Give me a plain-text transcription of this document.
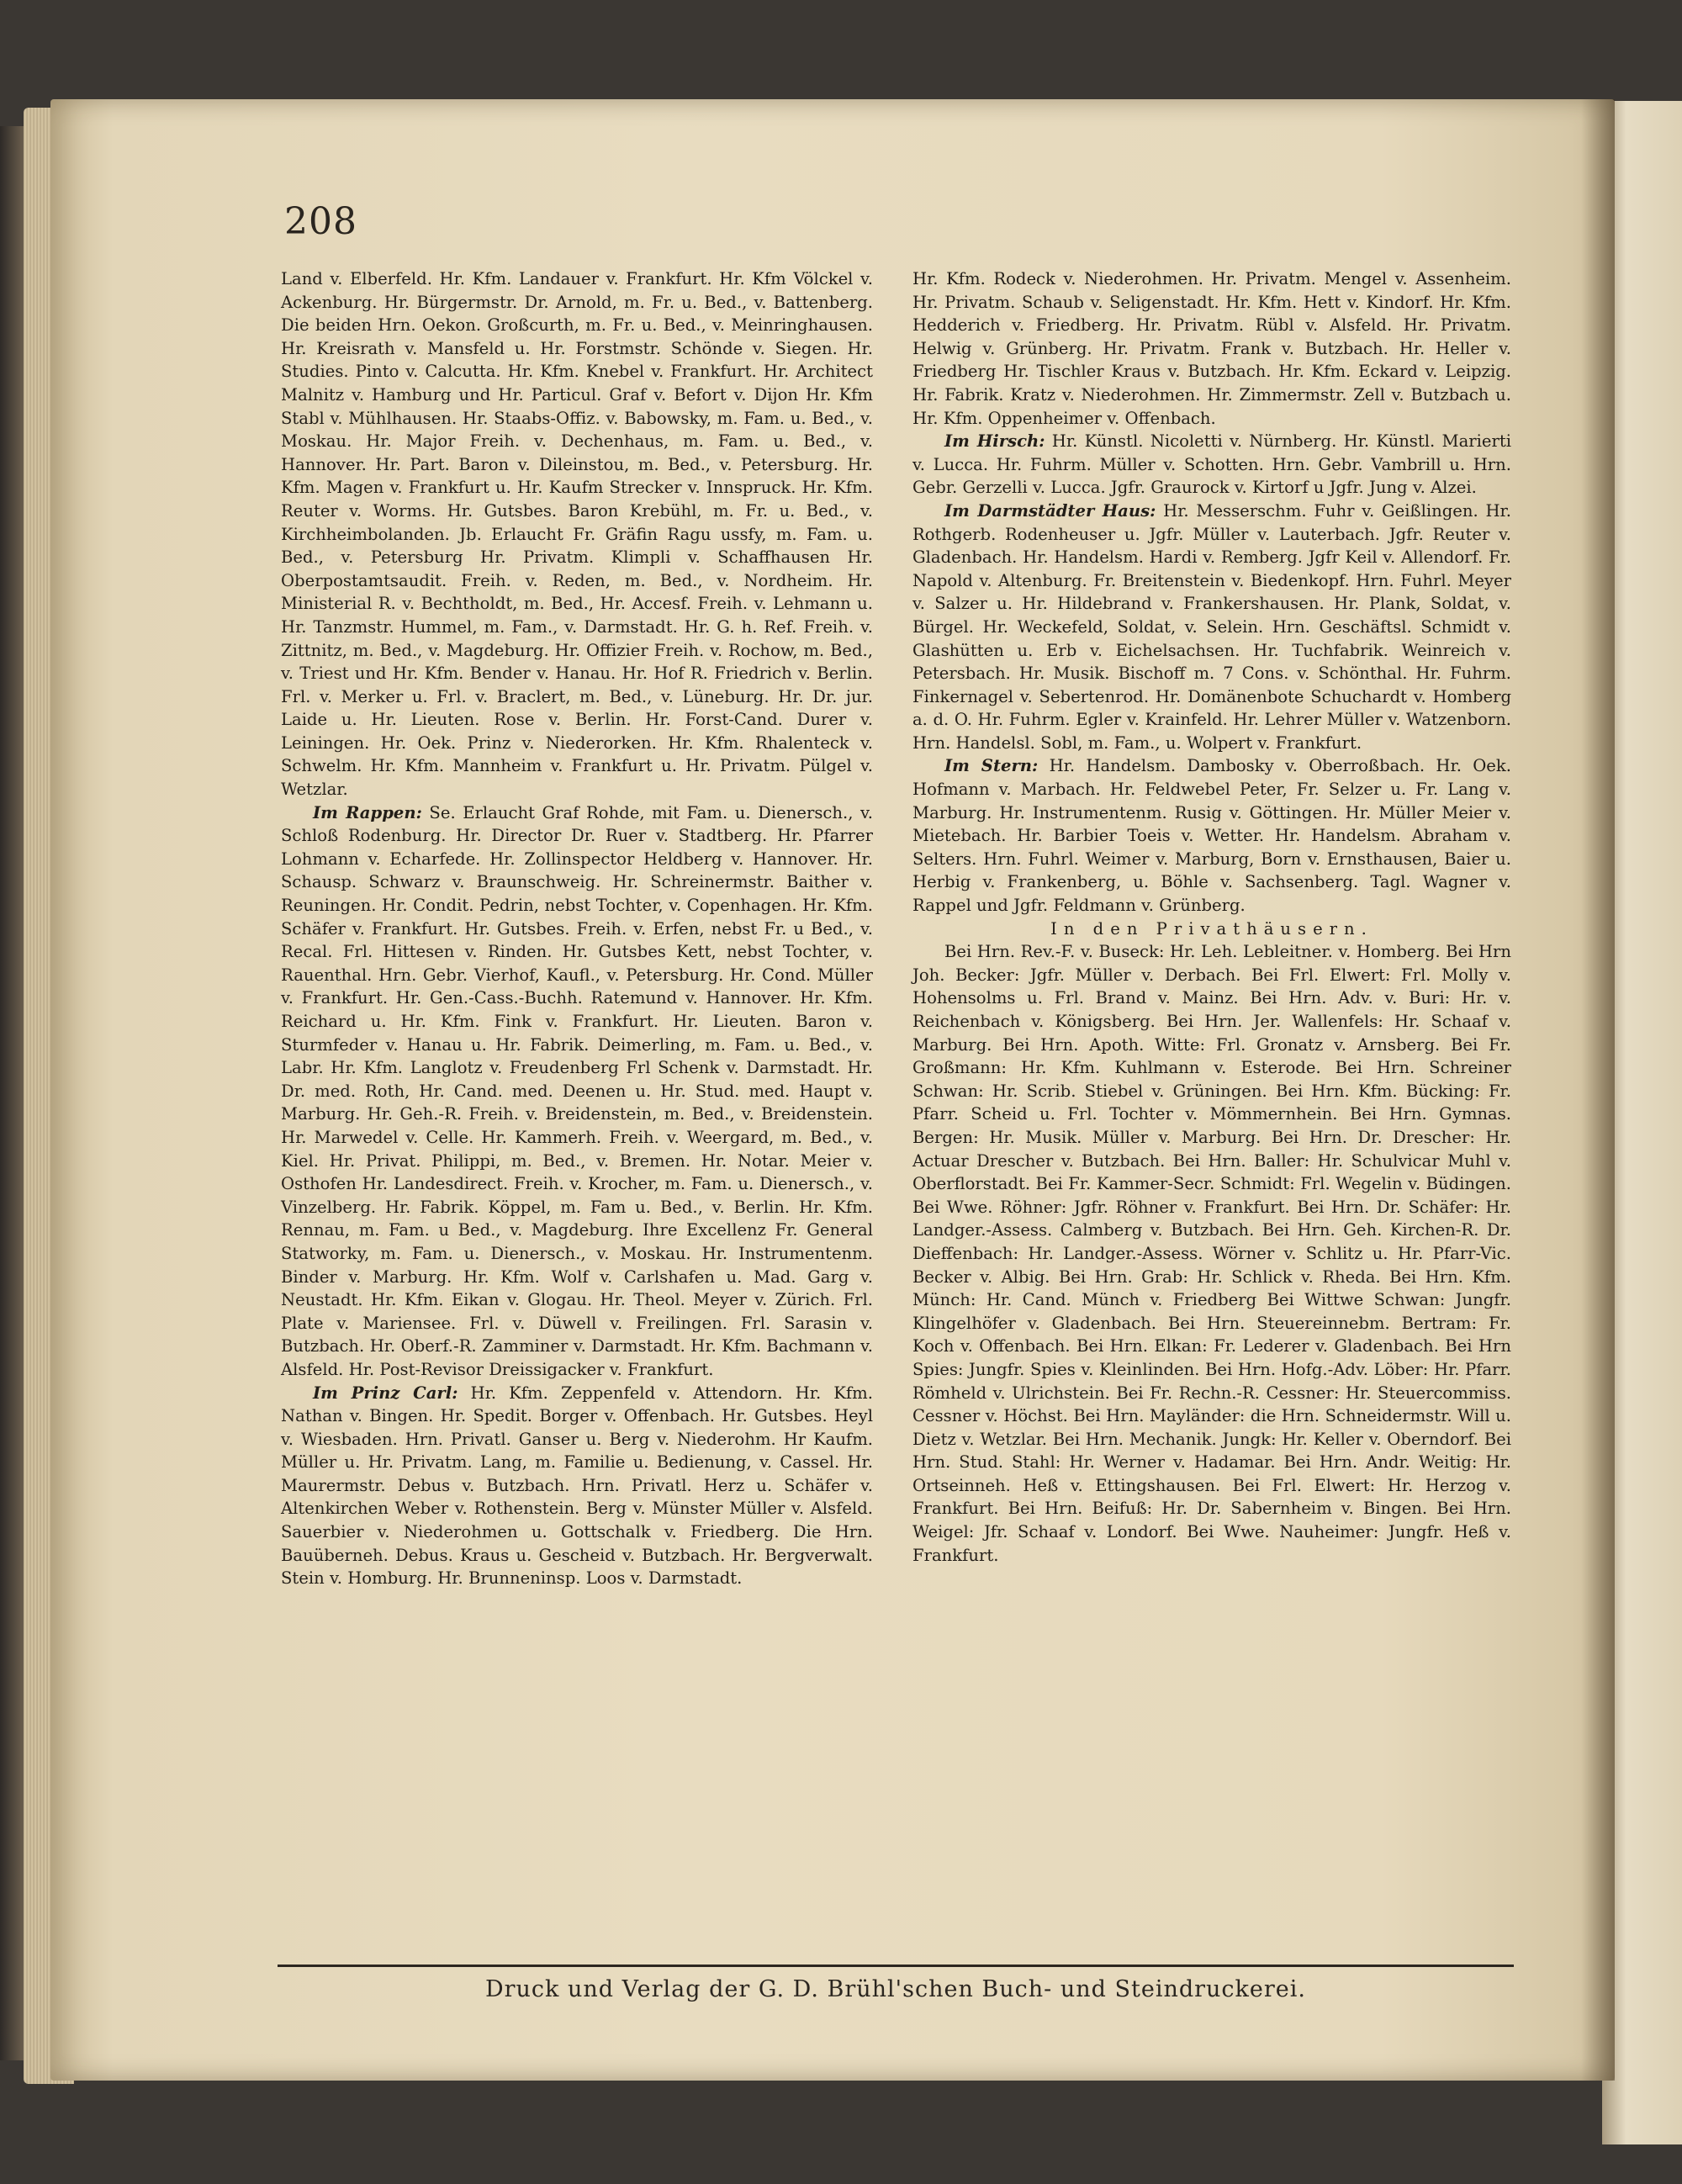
208

Land v. Elberfeld. Hr. Kfm. Landauer v. Frankfurt. Hr. Kfm Völckel v. Ackenburg. Hr. Bürgermstr. Dr. Arnold, m. Fr. u. Bed., v. Battenberg. Die beiden Hrn. Oekon. Großcurth, m. Fr. u. Bed., v. Meinringhausen. Hr. Kreisrath v. Mansfeld u. Hr. Forstmstr. Schönde v. Siegen. Hr. Studies. Pinto v. Calcutta. Hr. Kfm. Knebel v. Frankfurt. Hr. Architect Malnitz v. Hamburg und Hr. Particul. Graf v. Befort v. Dijon Hr. Kfm Stabl v. Mühlhausen. Hr. Staabs-Offiz. v. Babowsky, m. Fam. u. Bed., v. Moskau. Hr. Major Freih. v. Dechenhaus, m. Fam. u. Bed., v. Hannover. Hr. Part. Baron v. Dileinstou, m. Bed., v. Petersburg. Hr. Kfm. Magen v. Frankfurt u. Hr. Kaufm Strecker v. Innspruck. Hr. Kfm. Reuter v. Worms. Hr. Gutsbes. Baron Krebühl, m. Fr. u. Bed., v. Kirchheimbolanden. Jb. Erlaucht Fr. Gräfin Ragu ussfy, m. Fam. u. Bed., v. Petersburg Hr. Privatm. Klimpli v. Schaffhausen Hr. Oberpostamtsaudit. Freih. v. Reden, m. Bed., v. Nordheim. Hr. Ministerial R. v. Bechtholdt, m. Bed., Hr. Accesf. Freih. v. Lehmann u. Hr. Tanzmstr. Hummel, m. Fam., v. Darmstadt. Hr. G. h. Ref. Freih. v. Zittnitz, m. Bed., v. Magdeburg. Hr. Offizier Freih. v. Rochow, m. Bed., v. Triest und Hr. Kfm. Bender v. Hanau. Hr. Hof R. Friedrich v. Berlin. Frl. v. Merker u. Frl. v. Braclert, m. Bed., v. Lüneburg. Hr. Dr. jur. Laide u. Hr. Lieuten. Rose v. Berlin. Hr. Forst-Cand. Durer v. Leiningen. Hr. Oek. Prinz v. Niederorken. Hr. Kfm. Rhalenteck v. Schwelm. Hr. Kfm. Mannheim v. Frankfurt u. Hr. Privatm. Pülgel v. Wetzlar.

Im Rappen: Se. Erlaucht Graf Rohde, mit Fam. u. Dienersch., v. Schloß Rodenburg. Hr. Director Dr. Ruer v. Stadtberg. Hr. Pfarrer Lohmann v. Echarfede. Hr. Zollinspector Heldberg v. Hannover. Hr. Schausp. Schwarz v. Braunschweig. Hr. Schreinermstr. Baither v. Reuningen. Hr. Condit. Pedrin, nebst Tochter, v. Copenhagen. Hr. Kfm. Schäfer v. Frankfurt. Hr. Gutsbes. Freih. v. Erfen, nebst Fr. u Bed., v. Recal. Frl. Hittesen v. Rinden. Hr. Gutsbes Kett, nebst Tochter, v. Rauenthal. Hrn. Gebr. Vierhof, Kaufl., v. Petersburg. Hr. Cond. Müller v. Frankfurt. Hr. Gen.-Cass.-Buchh. Ratemund v. Hannover. Hr. Kfm. Reichard u. Hr. Kfm. Fink v. Frankfurt. Hr. Lieuten. Baron v. Sturmfeder v. Hanau u. Hr. Fabrik. Deimerling, m. Fam. u. Bed., v. Labr. Hr. Kfm. Langlotz v. Freudenberg Frl Schenk v. Darmstadt. Hr. Dr. med. Roth, Hr. Cand. med. Deenen u. Hr. Stud. med. Haupt v. Marburg. Hr. Geh.-R. Freih. v. Breidenstein, m. Bed., v. Breidenstein. Hr. Marwedel v. Celle. Hr. Kammerh. Freih. v. Weergard, m. Bed., v. Kiel. Hr. Privat. Philippi, m. Bed., v. Bremen. Hr. Notar. Meier v. Osthofen Hr. Landesdirect. Freih. v. Krocher, m. Fam. u. Dienersch., v. Vinzelberg. Hr. Fabrik. Köppel, m. Fam u. Bed., v. Berlin. Hr. Kfm. Rennau, m. Fam. u Bed., v. Magdeburg. Ihre Excellenz Fr. General Statworky, m. Fam. u. Dienersch., v. Moskau. Hr. Instrumentenm. Binder v. Marburg. Hr. Kfm. Wolf v. Carlshafen u. Mad. Garg v. Neustadt. Hr. Kfm. Eikan v. Glogau. Hr. Theol. Meyer v. Zürich. Frl. Plate v. Mariensee. Frl. v. Düwell v. Freilingen. Frl. Sarasin v. Butzbach. Hr. Oberf.-R. Zamminer v. Darmstadt. Hr. Kfm. Bachmann v. Alsfeld. Hr. Post-Revisor Dreissigacker v. Frankfurt.

Im Prinz Carl: Hr. Kfm. Zeppenfeld v. Attendorn. Hr. Kfm. Nathan v. Bingen. Hr. Spedit. Borger v. Offenbach. Hr. Gutsbes. Heyl v. Wiesbaden. Hrn. Privatl. Ganser u. Berg v. Niederohm. Hr Kaufm. Müller u. Hr. Privatm. Lang, m. Familie u. Bedienung, v. Cassel. Hr. Maurermstr. Debus v. Butzbach. Hrn. Privatl. Herz u. Schäfer v. Altenkirchen Weber v. Rothenstein. Berg v. Münster Müller v. Alsfeld. Sauerbier v. Niederohmen u. Gottschalk v. Friedberg. Die Hrn. Bauüberneh. Debus. Kraus u. Gescheid v. Butzbach. Hr. Bergverwalt. Stein v. Homburg. Hr. Brunneninsp. Loos v. Darmstadt.

Hr. Kfm. Rodeck v. Niederohmen. Hr. Privatm. Mengel v. Assenheim. Hr. Privatm. Schaub v. Seligenstadt. Hr. Kfm. Hett v. Kindorf. Hr. Kfm. Hedderich v. Friedberg. Hr. Privatm. Rübl v. Alsfeld. Hr. Privatm. Helwig v. Grünberg. Hr. Privatm. Frank v. Butzbach. Hr. Heller v. Friedberg Hr. Tischler Kraus v. Butzbach. Hr. Kfm. Eckard v. Leipzig. Hr. Fabrik. Kratz v. Niederohmen. Hr. Zimmermstr. Zell v. Butzbach u. Hr. Kfm. Oppenheimer v. Offenbach.

Im Hirsch: Hr. Künstl. Nicoletti v. Nürnberg. Hr. Künstl. Marierti v. Lucca. Hr. Fuhrm. Müller v. Schotten. Hrn. Gebr. Vambrill u. Hrn. Gebr. Gerzelli v. Lucca. Jgfr. Graurock v. Kirtorf u Jgfr. Jung v. Alzei.

Im Darmstädter Haus: Hr. Messerschm. Fuhr v. Geißlingen. Hr. Rothgerb. Rodenheuser u. Jgfr. Müller v. Lauterbach. Jgfr. Reuter v. Gladenbach. Hr. Handelsm. Hardi v. Remberg. Jgfr Keil v. Allendorf. Fr. Napold v. Altenburg. Fr. Breitenstein v. Biedenkopf. Hrn. Fuhrl. Meyer v. Salzer u. Hr. Hildebrand v. Frankershausen. Hr. Plank, Soldat, v. Bürgel. Hr. Weckefeld, Soldat, v. Selein. Hrn. Geschäftsl. Schmidt v. Glashütten u. Erb v. Eichelsachsen. Hr. Tuchfabrik. Weinreich v. Petersbach. Hr. Musik. Bischoff m. 7 Cons. v. Schönthal. Hr. Fuhrm. Finkernagel v. Sebertenrod. Hr. Domänenbote Schuchardt v. Homberg a. d. O. Hr. Fuhrm. Egler v. Krainfeld. Hr. Lehrer Müller v. Watzenborn. Hrn. Handelsl. Sobl, m. Fam., u. Wolpert v. Frankfurt.

Im Stern: Hr. Handelsm. Dambosky v. Oberroßbach. Hr. Oek. Hofmann v. Marbach. Hr. Feldwebel Peter, Fr. Selzer u. Fr. Lang v. Marburg. Hr. Instrumentenm. Rusig v. Göttingen. Hr. Müller Meier v. Mietebach. Hr. Barbier Toeis v. Wetter. Hr. Handelsm. Abraham v. Selters. Hrn. Fuhrl. Weimer v. Marburg, Born v. Ernsthausen, Baier u. Herbig v. Frankenberg, u. Böhle v. Sachsenberg. Tagl. Wagner v. Rappel und Jgfr. Feldmann v. Grünberg.

In den Privathäusern.

Bei Hrn. Rev.-F. v. Buseck: Hr. Leh. Lebleitner. v. Homberg. Bei Hrn Joh. Becker: Jgfr. Müller v. Derbach. Bei Frl. Elwert: Frl. Molly v. Hohensolms u. Frl. Brand v. Mainz. Bei Hrn. Adv. v. Buri: Hr. v. Reichenbach v. Königsberg. Bei Hrn. Jer. Wallenfels: Hr. Schaaf v. Marburg. Bei Hrn. Apoth. Witte: Frl. Gronatz v. Arnsberg. Bei Fr. Großmann: Hr. Kfm. Kuhlmann v. Esterode. Bei Hrn. Schreiner Schwan: Hr. Scrib. Stiebel v. Grüningen. Bei Hrn. Kfm. Bücking: Fr. Pfarr. Scheid u. Frl. Tochter v. Mömmernhein. Bei Hrn. Gymnas. Bergen: Hr. Musik. Müller v. Marburg. Bei Hrn. Dr. Drescher: Hr. Actuar Drescher v. Butzbach. Bei Hrn. Baller: Hr. Schulvicar Muhl v. Oberflorstadt. Bei Fr. Kammer-Secr. Schmidt: Frl. Wegelin v. Büdingen. Bei Wwe. Röhner: Jgfr. Röhner v. Frankfurt. Bei Hrn. Dr. Schäfer: Hr. Landger.-Assess. Calmberg v. Butzbach. Bei Hrn. Geh. Kirchen-R. Dr. Dieffenbach: Hr. Landger.-Assess. Wörner v. Schlitz u. Hr. Pfarr-Vic. Becker v. Albig. Bei Hrn. Grab: Hr. Schlick v. Rheda. Bei Hrn. Kfm. Münch: Hr. Cand. Münch v. Friedberg Bei Wittwe Schwan: Jungfr. Klingelhöfer v. Gladenbach. Bei Hrn. Steuereinnebm. Bertram: Fr. Koch v. Offenbach. Bei Hrn. Elkan: Fr. Lederer v. Gladenbach. Bei Hrn Spies: Jungfr. Spies v. Kleinlinden. Bei Hrn. Hofg.-Adv. Löber: Hr. Pfarr. Römheld v. Ulrichstein. Bei Fr. Rechn.-R. Cessner: Hr. Steuercommiss. Cessner v. Höchst. Bei Hrn. Mayländer: die Hrn. Schneidermstr. Will u. Dietz v. Wetzlar. Bei Hrn. Mechanik. Jungk: Hr. Keller v. Oberndorf. Bei Hrn. Stud. Stahl: Hr. Werner v. Hadamar. Bei Hrn. Andr. Weitig: Hr. Ortseinneh. Heß v. Ettingshausen. Bei Frl. Elwert: Hr. Herzog v. Frankfurt. Bei Hrn. Beifuß: Hr. Dr. Sabernheim v. Bingen. Bei Hrn. Weigel: Jfr. Schaaf v. Londorf. Bei Wwe. Nauheimer: Jungfr. Heß v. Frankfurt.

Druck und Verlag der G. D. Brühl'schen Buch- und Steindruckerei.
